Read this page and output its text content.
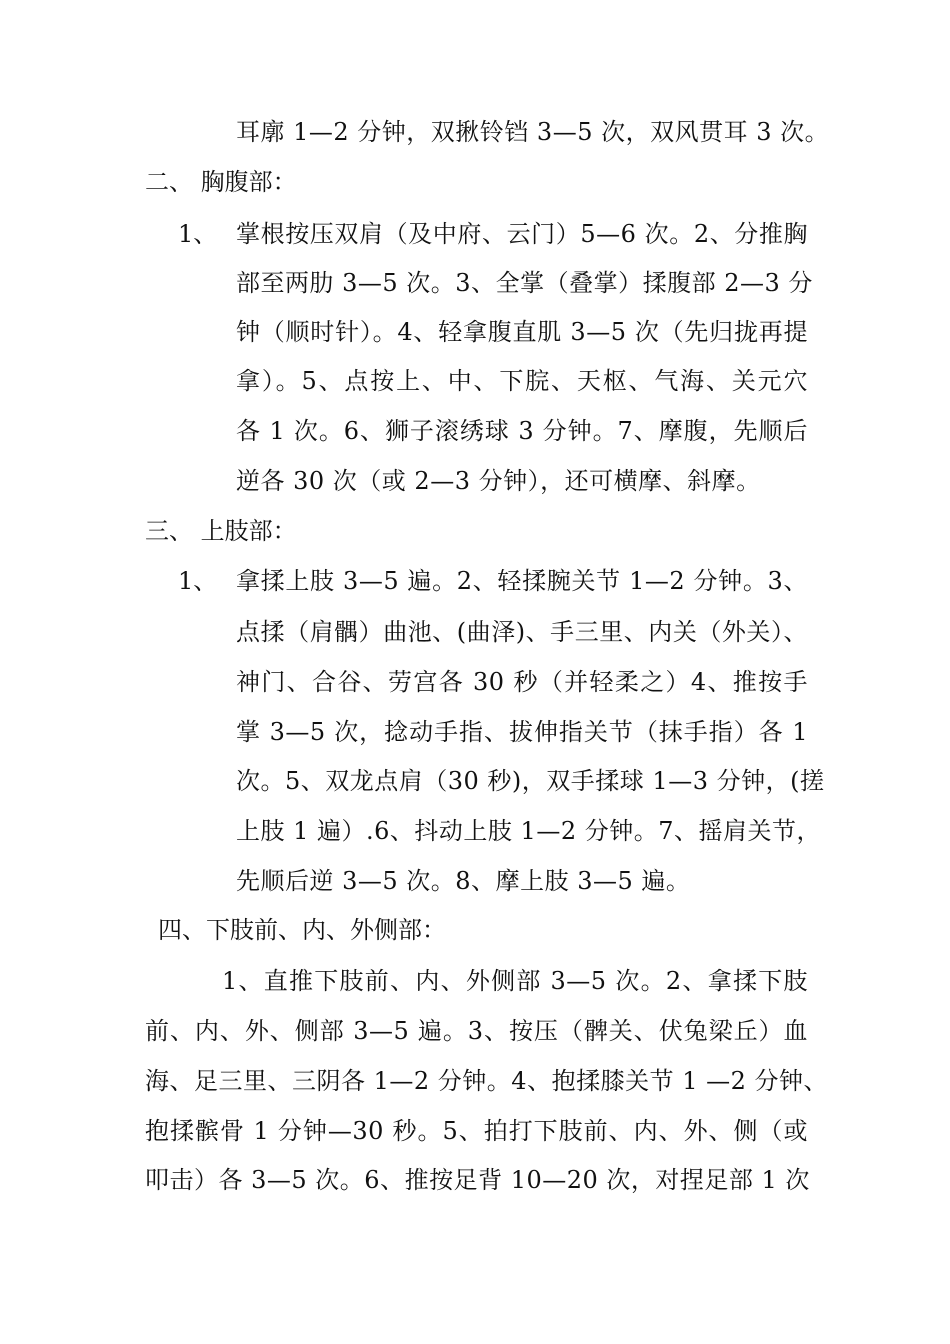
耳廓 1—2 分钟，双揪铃铛 3—5 次，双风贯耳 3 次。
二、 胸腹部：
1、 掌根按压双肩（及中府、云门）5—6 次。2、分推胸
部至两肋 3—5 次。3、全掌（叠掌）揉腹部 2—3 分
钟（顺时针）。4、轻拿腹直肌 3—5 次（先归拢再提
拿）。5、点按上、中、下脘、天枢、气海、关元穴
各 1 次。6、狮子滚绣球 3 分钟。7、摩腹，先顺后
逆各 30 次（或 2—3 分钟），还可横摩、斜摩。
三、 上肢部：
1、 拿揉上肢 3—5 遍。2、轻揉腕关节 1—2 分钟。3、
点揉（肩髃）曲池、(曲泽)、手三里、内关（外关）、
神门、合谷、劳宫各 30 秒（并轻柔之）4、推按手
掌 3—5 次，捻动手指、拔伸指关节（抹手指）各 1
次。5、双龙点肩（30 秒)，双手揉球 1—3 分钟，(搓
上肢 1 遍）.6、抖动上肢 1—2 分钟。7、摇肩关节，
先顺后逆 3—5 次。8、摩上肢 3—5 遍。
四、下肢前、内、外侧部：
1、直推下肢前、内、外侧部 3—5 次。2、拿揉下肢
前、内、外、侧部 3—5 遍。3、按压（髀关、伏兔梁丘）血
海、足三里、三阴各 1—2 分钟。4、抱揉膝关节 1 —2 分钟、
抱揉髌骨 1 分钟—30 秒。5、拍打下肢前、内、外、侧（或
叩击）各 3—5 次。6、推按足背 10—20 次，对捏足部 1 次
